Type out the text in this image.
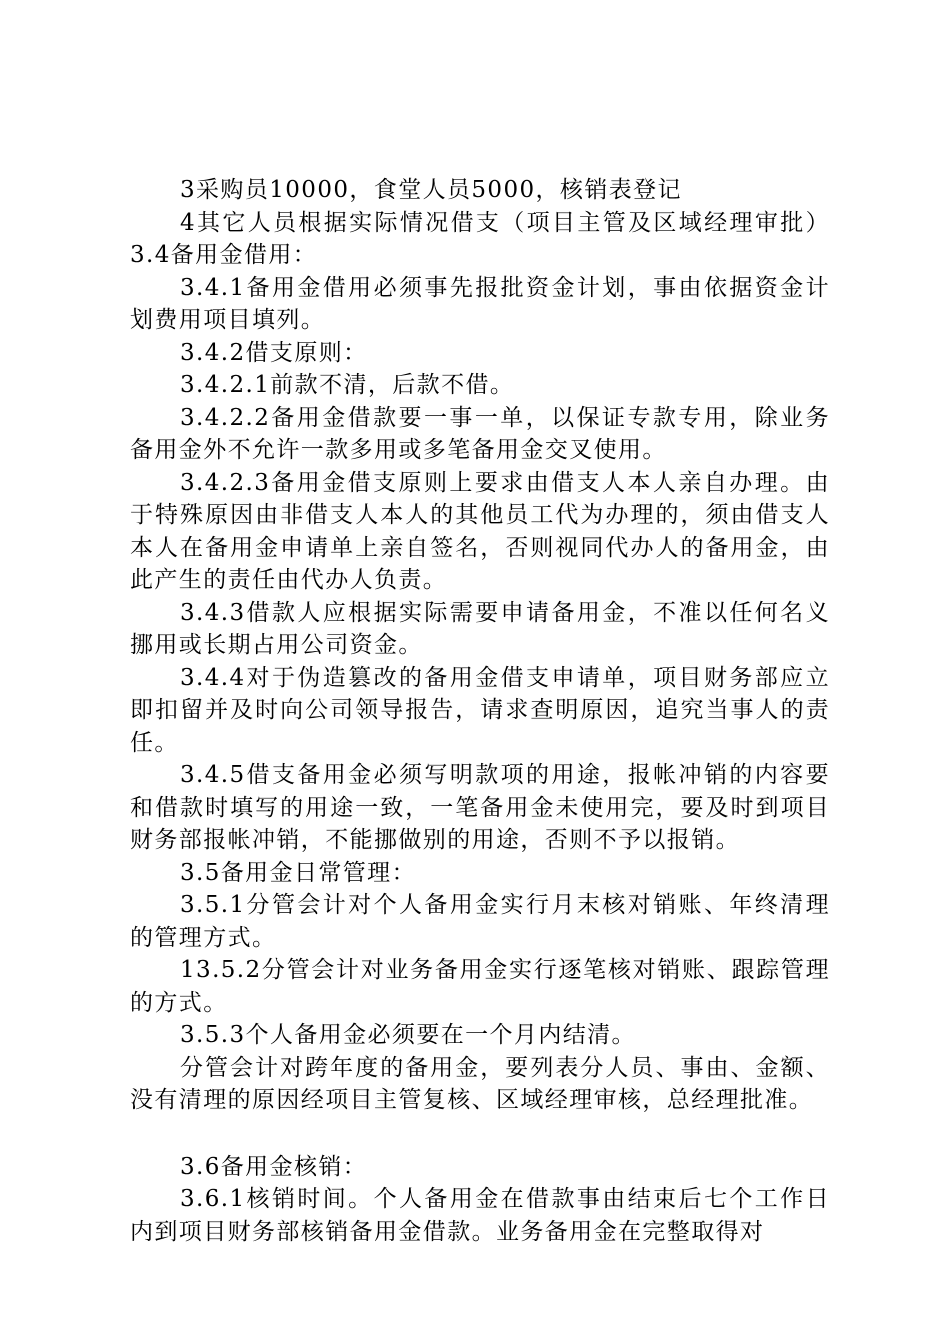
3采购员10000，食堂人员5000，核销表登记

4其它人员根据实际情况借支（项目主管及区域经理审批）3.4备用金借用：

3.4.1备用金借用必须事先报批资金计划，事由依据资金计划费用项目填列。

3.4.2借支原则：

3.4.2.1前款不清，后款不借。

3.4.2.2备用金借款要一事一单，以保证专款专用，除业务备用金外不允许一款多用或多笔备用金交叉使用。

3.4.2.3备用金借支原则上要求由借支人本人亲自办理。由于特殊原因由非借支人本人的其他员工代为办理的，须由借支人本人在备用金申请单上亲自签名，否则视同代办人的备用金，由此产生的责任由代办人负责。

3.4.3借款人应根据实际需要申请备用金，不准以任何名义挪用或长期占用公司资金。

3.4.4对于伪造篡改的备用金借支申请单，项目财务部应立即扣留并及时向公司领导报告，请求查明原因，追究当事人的责任。

3.4.5借支备用金必须写明款项的用途，报帐冲销的内容要和借款时填写的用途一致，一笔备用金未使用完，要及时到项目财务部报帐冲销，不能挪做别的用途，否则不予以报销。

3.5备用金日常管理：

3.5.1分管会计对个人备用金实行月末核对销账、年终清理的管理方式。

13.5.2分管会计对业务备用金实行逐笔核对销账、跟踪管理的方式。

3.5.3个人备用金必须要在一个月内结清。

分管会计对跨年度的备用金，要列表分人员、事由、金额、没有清理的原因经项目主管复核、区域经理审核，总经理批准。

3.6备用金核销：

3.6.1核销时间。个人备用金在借款事由结束后七个工作日内到项目财务部核销备用金借款。业务备用金在完整取得对
